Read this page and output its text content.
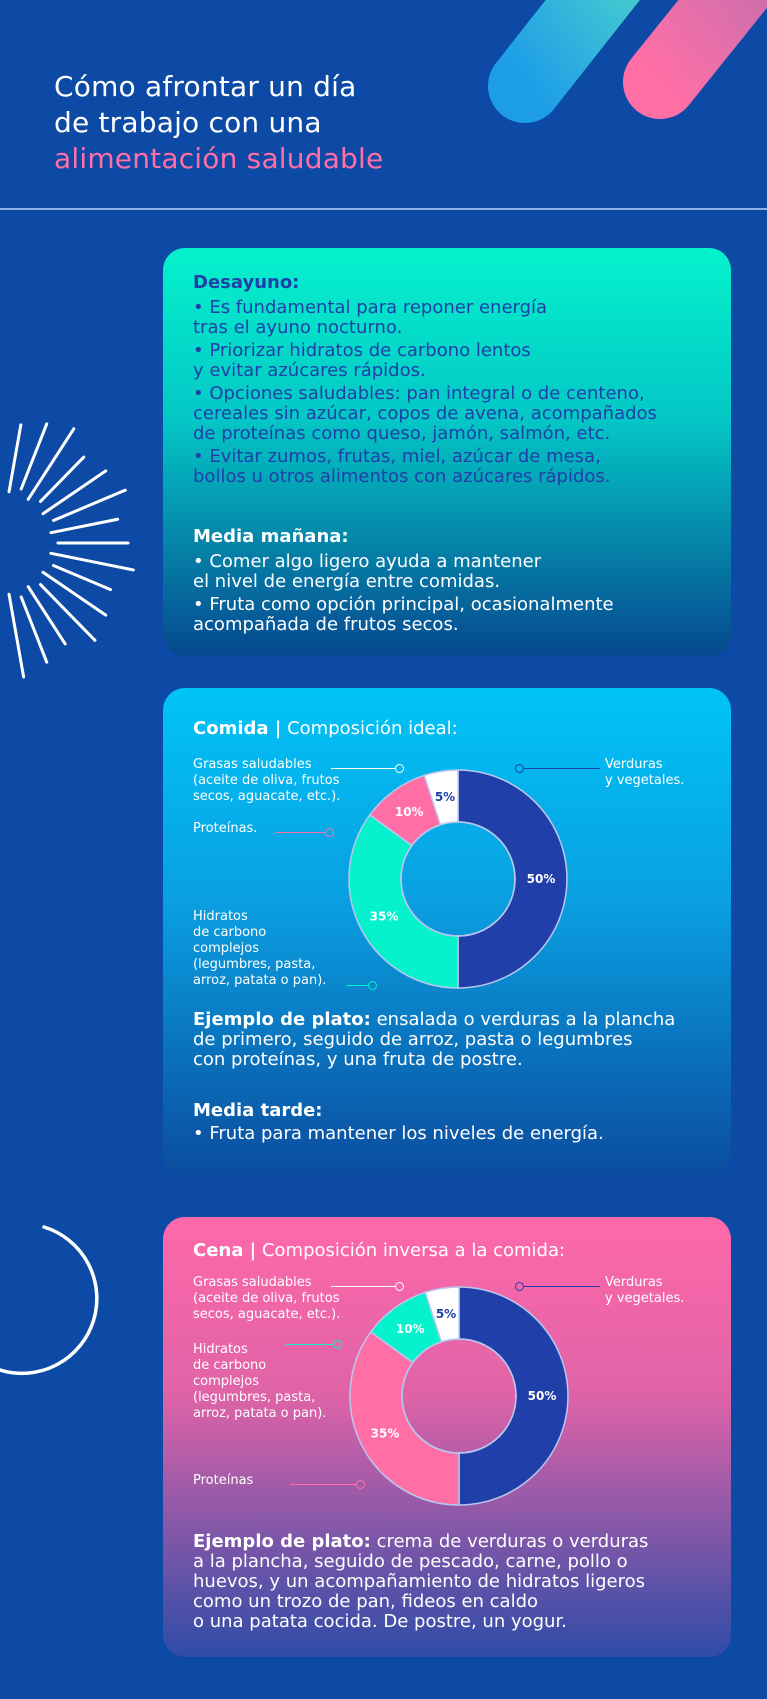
Cómo afrontar un día
de trabajo con una
alimentación saludable
Desayuno:
• Es fundamental para reponer energía
tras el ayuno nocturno.
• Priorizar hidratos de carbono lentos
y evitar azúcares rápidos.
• Opciones saludables: pan integral o de centeno,
cereales sin azúcar, copos de avena, acompañados
de proteínas como queso, jamón, salmón, etc.
• Evitar zumos, frutas, miel, azúcar de mesa,
bollos u otros alimentos con azúcares rápidos.
Media mañana:
• Comer algo ligero ayuda a mantener
el nivel de energía entre comidas.
• Fruta como opción principal, ocasionalmente
acompañada de frutos secos.
Comida | Composición ideal:
50%
35%
10%
5%
Grasas saludables
(aceite de oliva, frutos
secos, aguacate, etc.).
Verduras
y vegetales.
Proteínas.
Hidratos
de carbono
complejos
(legumbres, pasta,
arroz, patata o pan).
Ejemplo de plato: ensalada o verduras a la plancha
de primero, seguido de arroz, pasta o legumbres
con proteínas, y una fruta de postre.
Media tarde:
• Fruta para mantener los niveles de energía.
Cena | Composición inversa a la comida:
50%
35%
10%
5%
Grasas saludables
(aceite de oliva, frutos
secos, aguacate, etc.).
Verduras
y vegetales.
Hidratos
de carbono
complejos
(legumbres, pasta,
arroz, patata o pan).
Proteínas
Ejemplo de plato: crema de verduras o verduras
a la plancha, seguido de pescado, carne, pollo o
huevos, y un acompañamiento de hidratos ligeros
como un trozo de pan, fideos en caldo
o una patata cocida. De postre, un yogur.
